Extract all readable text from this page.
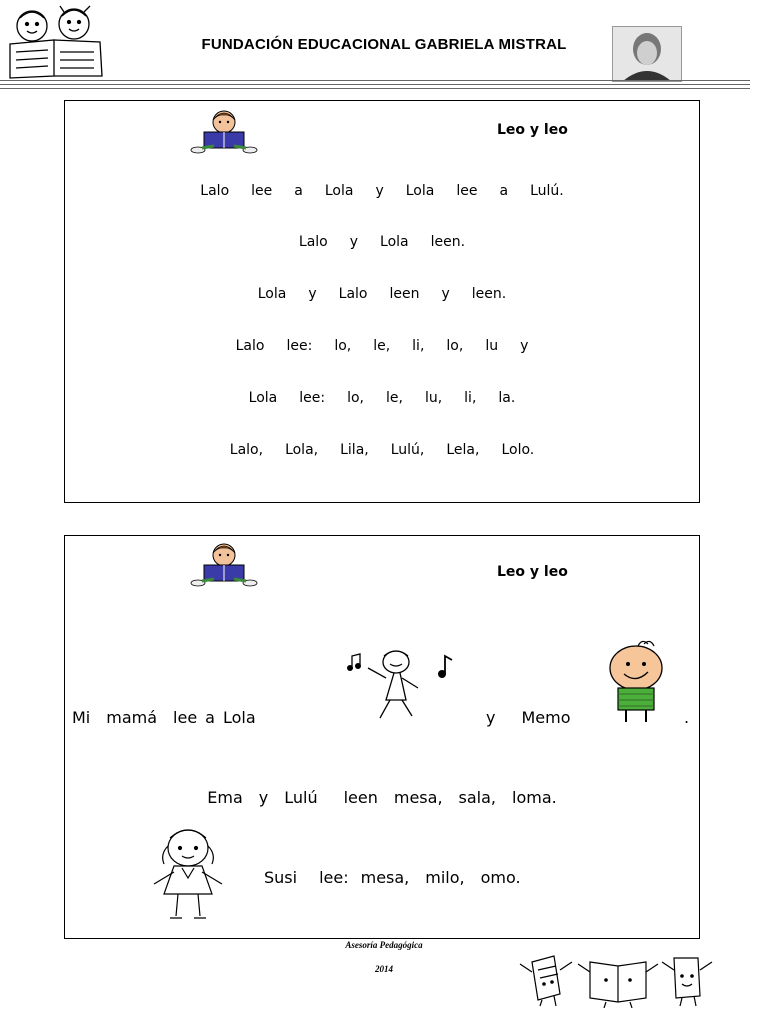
FUNDACIÓN EDUCACIONAL GABRIELA MISTRAL
Leo y leo
Lalo lee a Lola y Lola lee a Lulú.
Lalo y Lola leen.
Lola y Lalo leen y leen.
Lalo lee: lo, le, li, lo, lu y
Lola lee: lo, le, lu, li, la.
Lalo, Lola, Lila, Lulú, Lela, Lolo.
Leo y leo
Mi mamá lee a Lola	y Memo	.
Ema y Lulú leen mesa, sala, loma.
Susi lee: mesa, milo, omo.
Asesoría Pedagógica
2014
